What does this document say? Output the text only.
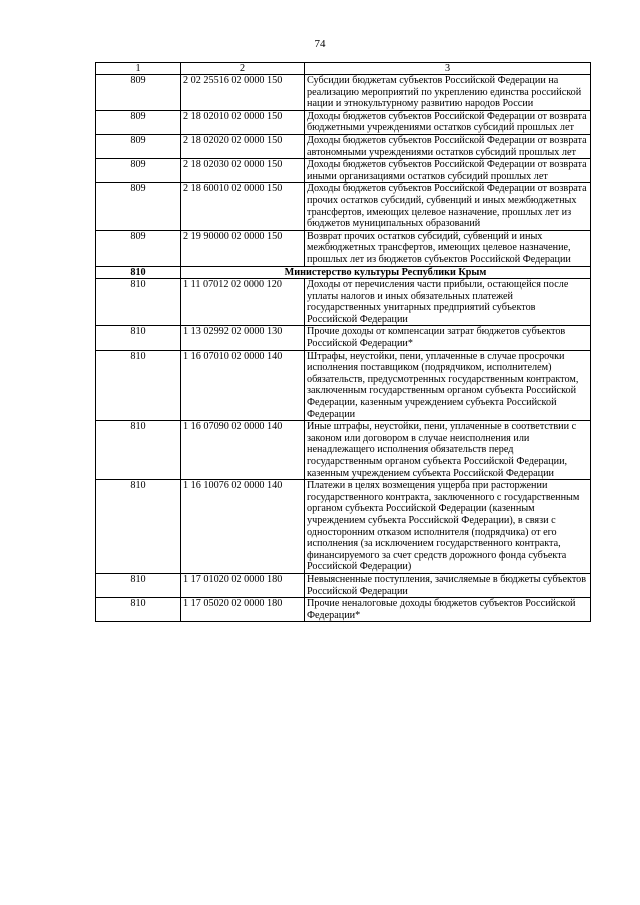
74
1	2	3
809	2 02 25516 02 0000 150	Субсидии бюджетам субъектов Российской Федерации на реализацию мероприятий по укреплению единства российской нации и этнокультурному развитию народов России
809	2 18 02010 02 0000 150	Доходы бюджетов субъектов Российской Федерации от возврата бюджетными учреждениями остатков субсидий прошлых лет
809	2 18 02020 02 0000 150	Доходы бюджетов субъектов Российской Федерации от возврата автономными учреждениями остатков субсидий прошлых лет
809	2 18 02030 02 0000 150	Доходы бюджетов субъектов Российской Федерации от возврата иными организациями остатков субсидий прошлых лет
809	2 18 60010 02 0000 150	Доходы бюджетов субъектов Российской Федерации от возврата прочих остатков субсидий, субвенций и иных межбюджетных трансфертов, имеющих целевое назначение, прошлых лет из бюджетов муниципальных образований
809	2 19 90000 02 0000 150	Возврат прочих остатков субсидий, субвенций и иных межбюджетных трансфертов, имеющих целевое назначение, прошлых лет из бюджетов субъектов Российской Федерации
810	Министерство культуры Республики Крым	
810	1 11 07012 02 0000 120	Доходы от перечисления части прибыли, остающейся после уплаты налогов и иных обязательных платежей государственных унитарных предприятий субъектов Российской Федерации
810	1 13 02992 02 0000 130	Прочие доходы от компенсации затрат бюджетов субъектов Российской Федерации*
810	1 16 07010 02 0000 140	Штрафы, неустойки, пени, уплаченные в случае просрочки исполнения поставщиком (подрядчиком, исполнителем) обязательств, предусмотренных государственным контрактом, заключенным государственным органом субъекта Российской Федерации, казенным учреждением субъекта Российской Федерации
810	1 16 07090 02 0000 140	Иные штрафы, неустойки, пени, уплаченные в соответствии с законом или договором в случае неисполнения или ненадлежащего исполнения обязательств перед государственным органом субъекта Российской Федерации, казенным учреждением субъекта Российской Федерации
810	1 16 10076 02 0000 140	Платежи в целях возмещения ущерба при расторжении государственного контракта, заключенного с государственным органом субъекта Российской Федерации (казенным учреждением субъекта Российской Федерации), в связи с односторонним отказом исполнителя (подрядчика) от его исполнения (за исключением государственного контракта, финансируемого за счет средств дорожного фонда субъекта Российской Федерации)
810	1 17 01020 02 0000 180	Невыясненные поступления, зачисляемые в бюджеты субъектов Российской Федерации
810	1 17 05020 02 0000 180	Прочие неналоговые доходы бюджетов субъектов Российской Федерации*
